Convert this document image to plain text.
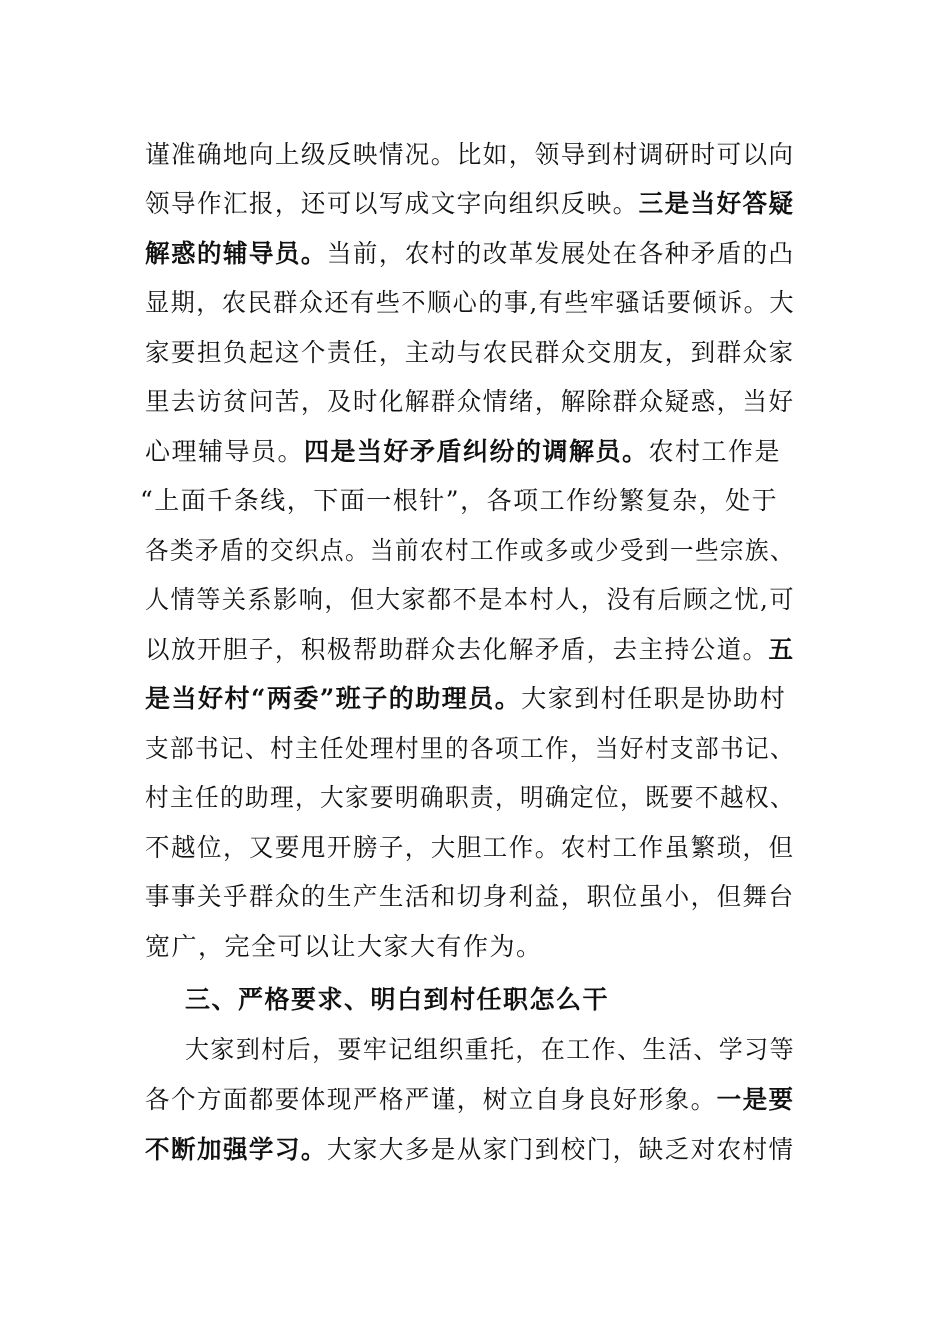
谨准确地向上级反映情况。比如，领导到村调研时可以向
领导作汇报，还可以写成文字向组织反映。三是当好答疑
解惑的辅导员。当前，农村的改革发展处在各种矛盾的凸
显期，农民群众还有些不顺心的事,有些牢骚话要倾诉。大
家要担负起这个责任，主动与农民群众交朋友，到群众家
里去访贫问苦，及时化解群众情绪，解除群众疑惑，当好
心理辅导员。四是当好矛盾纠纷的调解员。农村工作是
“上面千条线，下面一根针”，各项工作纷繁复杂，处于
各类矛盾的交织点。当前农村工作或多或少受到一些宗族、
人情等关系影响，但大家都不是本村人，没有后顾之忧,可
以放开胆子，积极帮助群众去化解矛盾，去主持公道。五
是当好村“两委”班子的助理员。大家到村任职是协助村
支部书记、村主任处理村里的各项工作，当好村支部书记、
村主任的助理，大家要明确职责，明确定位，既要不越权、
不越位，又要甩开膀子，大胆工作。农村工作虽繁琐，但
事事关乎群众的生产生活和切身利益，职位虽小，但舞台
宽广，完全可以让大家大有作为。
三、严格要求、明白到村任职怎么干
大家到村后，要牢记组织重托，在工作、生活、学习等
各个方面都要体现严格严谨，树立自身良好形象。一是要
不断加强学习。大家大多是从家门到校门，缺乏对农村情
